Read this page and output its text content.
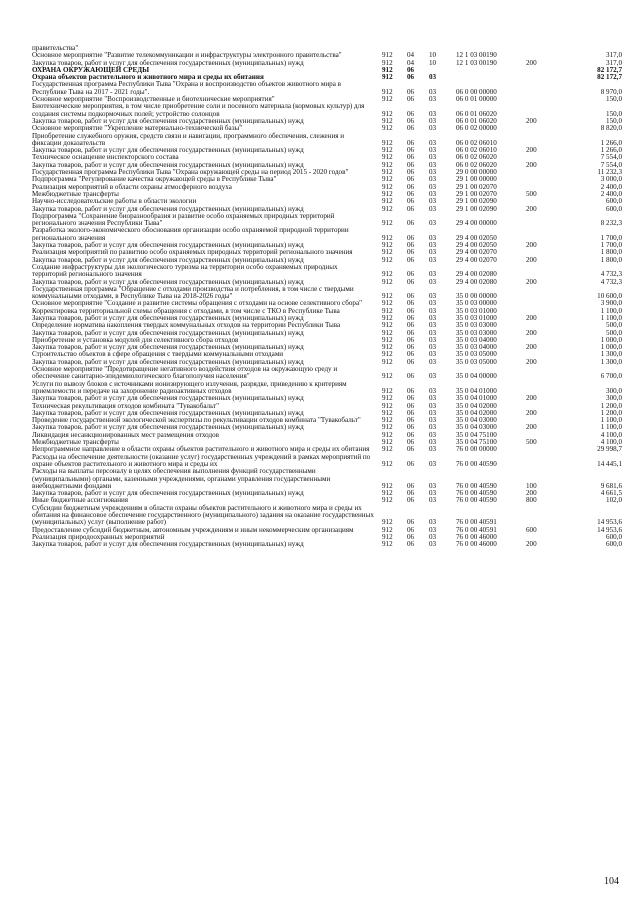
правительства"						
Основное мероприятие "Развитие телекоммуникации и инфраструктуры электронного правительства"	912	04	10	12 1 03 00190		317,0
Закупка товаров, работ и услуг для обеспечения государственных (муниципальных) нужд	912	04	10	12 1 03 00190	200	317,0
ОХРАНА ОКРУЖАЮЩЕЙ СРЕДЫ	912	06				82 172,7
Охрана объектов растительного и животного мира и среды их обитания	912	06	03			82 172,7
Государственная программа Республики Тыва "Охрана и воспроизводство объектов животного мира в Республике Тыва на 2017 - 2021 годы".	912	06	03	06 0 00 00000		8 970,0
Основное мероприятие "Воспроизводственные и биотехнические мероприятия"	912	06	03	06 0 01 00000		150,0
Биотехнические мероприятия, в том числе приобретение соли и посевного материала (кормовых культур) для создания системы подкормочных полей; устройство солонцов	912	06	03	06 0 01 06020		150,0
Закупка товаров, работ и услуг для обеспечения государственных (муниципальных) нужд	912	06	03	06 0 01 06020	200	150,0
Основное мероприятие "Укрепление материально-технической базы"	912	06	03	06 0 02 00000		8 820,0
Приобретение служебного оружия, средств связи и навигации, программного обеспечения, слежения и фиксации доказательств	912	06	03	06 0 02 06010		1 266,0
Закупка товаров, работ и услуг для обеспечения государственных (муниципальных) нужд	912	06	03	06 0 02 06010	200	1 266,0
Техническое оснащение инспекторского состава	912	06	03	06 0 02 06020		7 554,0
Закупка товаров, работ и услуг для обеспечения государственных (муниципальных) нужд	912	06	03	06 0 02 06020	200	7 554,0
Государственная программа Республики Тыва "Охрана окружающей среды на период 2015 - 2020 годов"	912	06	03	29 0 00 00000		11 232,3
Подпрограмма "Регулирование качества окружающей среды в Республике Тыва"	912	06	03	29 1 00 00000		3 000,0
Реализация мероприятий в области охраны атмосферного воздуха	912	06	03	29 1 00 02070		2 400,0
Межбюджетные трансферты	912	06	03	29 1 00 02070	500	2 400,0
Научно-исследовательские работы в области экологии	912	06	03	29 1 00 02090		600,0
Закупка товаров, работ и услуг для обеспечения государственных (муниципальных) нужд	912	06	03	29 1 00 02090	200	600,0
Подпрограмма "Сохранение биоразнообразия и развитие особо охраняемых природных территорий регионального значения Республики Тыва"	912	06	03	29 4 00 00000		8 232,3
Разработка эколого-экономического обоснования организации особо охраняемой природной территории регионального значения	912	06	03	29 4 00 02050		1 700,0
Закупка товаров, работ и услуг для обеспечения государственных (муниципальных) нужд	912	06	03	29 4 00 02050	200	1 700,0
Реализация мероприятий по развитию особо охраняемых природных территорий регионального значения	912	06	03	29 4 00 02070		1 800,0
Закупка товаров, работ и услуг для обеспечения государственных (муниципальных) нужд	912	06	03	29 4 00 02070	200	1 800,0
Создание инфраструктуры для экологического туризма на территории особо охраняемых природных территорий регионального значения	912	06	03	29 4 00 02080		4 732,3
Закупка товаров, работ и услуг для обеспечения государственных (муниципальных) нужд	912	06	03	29 4 00 02080	200	4 732,3
Государственная программа "Обращение с отходами производства и потребления, в том числе с твердыми коммунальными отходами, в Республике Тыва на 2018-2026 годы"	912	06	03	35 0 00 00000		10 600,0
Основное мероприятие "Создание и развитие системы обращения с отходами на основе селективного сбора"	912	06	03	35 0 03 00000		3 900,0
Корректировка территориальной схемы обращения с отходами, в том числе с ТКО в Республике Тыва	912	06	03	35 0 03 01000		1 100,0
Закупка товаров, работ и услуг для обеспечения государственных (муниципальных) нужд	912	06	03	35 0 03 01000	200	1 100,0
Определение норматива накопления твердых коммунальных отходов на территории Республики Тыва	912	06	03	35 0 03 03000		500,0
Закупка товаров, работ и услуг для обеспечения государственных (муниципальных) нужд	912	06	03	35 0 03 03000	200	500,0
Приобретение и установка модулей для селективного сбора отходов	912	06	03	35 0 03 04000		1 000,0
Закупка товаров, работ и услуг для обеспечения государственных (муниципальных) нужд	912	06	03	35 0 03 04000	200	1 000,0
Строительство объектов в сфере обращения с твердыми коммунальными отходами	912	06	03	35 0 03 05000		1 300,0
Закупка товаров, работ и услуг для обеспечения государственных (муниципальных) нужд	912	06	03	35 0 03 05000	200	1 300,0
Основное мероприятие "Предотвращение негативного воздействия отходов на окружающую среду и обеспечение санитарно-эпидемиологического благополучия населения"	912	06	03	35 0 04 00000		6 700,0
Услуги по вывозу блоков с источниками ионизирующего излучения, разрядке, приведению к критериям приемлемости и передаче на захоронение радиоактивных отходов	912	06	03	35 0 04 01000		300,0
Закупка товаров, работ и услуг для обеспечения государственных (муниципальных) нужд	912	06	03	35 0 04 01000	200	300,0
Техническая рекультивация отходов комбината "Тувакобальт"	912	06	03	35 0 04 02000		1 200,0
Закупка товаров, работ и услуг для обеспечения государственных (муниципальных) нужд	912	06	03	35 0 04 02000	200	1 200,0
Проведение государственной экологической экспертизы по рекультивации отходов комбината "Тувакобальт"	912	06	03	35 0 04 03000		1 100,0
Закупка товаров, работ и услуг для обеспечения государственных (муниципальных) нужд	912	06	03	35 0 04 03000	200	1 100,0
Ликвидация несанкционированных мест размещения отходов	912	06	03	35 0 04 75100		4 100,0
Межбюджетные трансферты	912	06	03	35 0 04 75100	500	4 100,0
Непрограммное направление в области охраны объектов растительного и животного мира и среды их обитания	912	06	03	76 0 00 00000		29 998,7
Расходы на обеспечение деятельности (оказание услуг) государственных учреждений в рамках мероприятий по охране объектов растительного и животного мира и среды их	912	06	03	76 0 00 40590		14 445,1
Расходы на выплаты персоналу в целях обеспечения выполнения функций государственными (муниципальными) органами, казенными учреждениями, органами управления государственными внебюджетными фондами	912	06	03	76 0 00 40590	100	9 681,6
Закупка товаров, работ и услуг для обеспечения государственных (муниципальных) нужд	912	06	03	76 0 00 40590	200	4 661,5
Иные бюджетные ассигнования	912	06	03	76 0 00 40590	800	102,0
Субсидии бюджетным учреждениям в области охраны объектов растительного и животного мира и среды их обитания на финансовое обеспечение государственного (муниципального) задания на оказание государственных (муниципальных) услуг (выполнение работ)	912	06	03	76 0 00 40591		14 953,6
Предоставление субсидий бюджетным, автономным учреждениям и иным некоммерческим организациям	912	06	03	76 0 00 40591	600	14 953,6
Реализация природоохранных мероприятий	912	06	03	76 0 00 46000		600,0
Закупка товаров, работ и услуг для обеспечения государственных (муниципальных) нужд	912	06	03	76 0 00 46000	200	600,0
104
